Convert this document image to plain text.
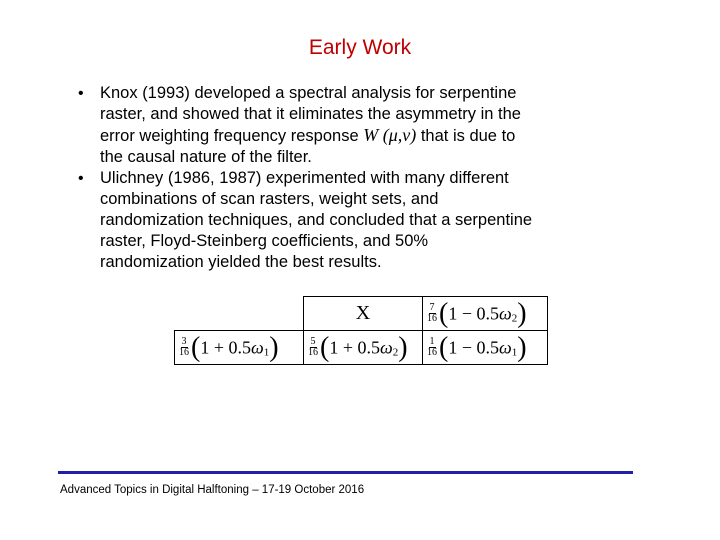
Early Work
• Knox (1993) developed a spectral analysis for serpentine
raster, and showed that it eliminates the asymmetry in the
error weighting frequency response W (μ,ν) that is due to
the causal nature of the filter.
• Ulichney (1986, 1987) experimented with many different
combinations of scan rasters, weight sets, and
randomization techniques, and concluded that a serpentine
raster, Floyd-Steinberg coefficients, and 50%
randomization yielded the best results.
	X	$\frac{7}{16} (1 - 0.5\omega_2)$

$\frac{3}{16} (1 + 0.5\omega_1)$	$\frac{5}{16} (1 + 0.5\omega_2)$	$\frac{1}{16} (1 - 0.5\omega_1)$
Advanced Topics in Digital Halftoning – 17-19 October 2016
